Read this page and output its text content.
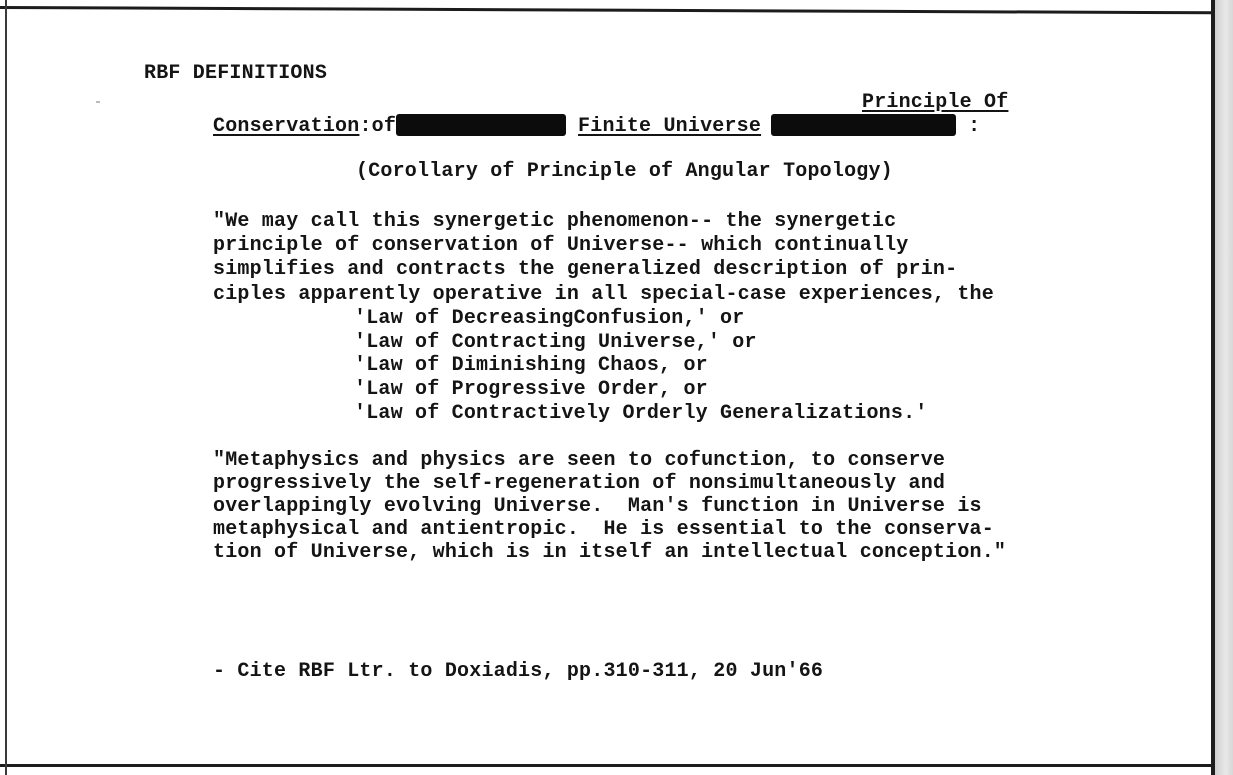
RBF DEFINITIONS
Principle Of
Conservation:of	Finite Universe	:
(Corollary of Principle of Angular Topology)
"We may call this synergetic phenomenon-- the synergetic
principle of conservation of Universe-- which continually
simplifies and contracts the generalized description of prin-
ciples apparently operative in all special-case experiences, the
'Law of DecreasingConfusion,' or
'Law of Contracting Universe,' or
'Law of Diminishing Chaos, or
'Law of Progressive Order, or
'Law of Contractively Orderly Generalizations.'
"Metaphysics and physics are seen to cofunction, to conserve
progressively the self-regeneration of nonsimultaneously and
overlappingly evolving Universe.  Man's function in Universe is
metaphysical and antientropic.  He is essential to the conserva-
tion of Universe, which is in itself an intellectual conception."
- Cite RBF Ltr. to Doxiadis, pp.310-311, 20 Jun'66
